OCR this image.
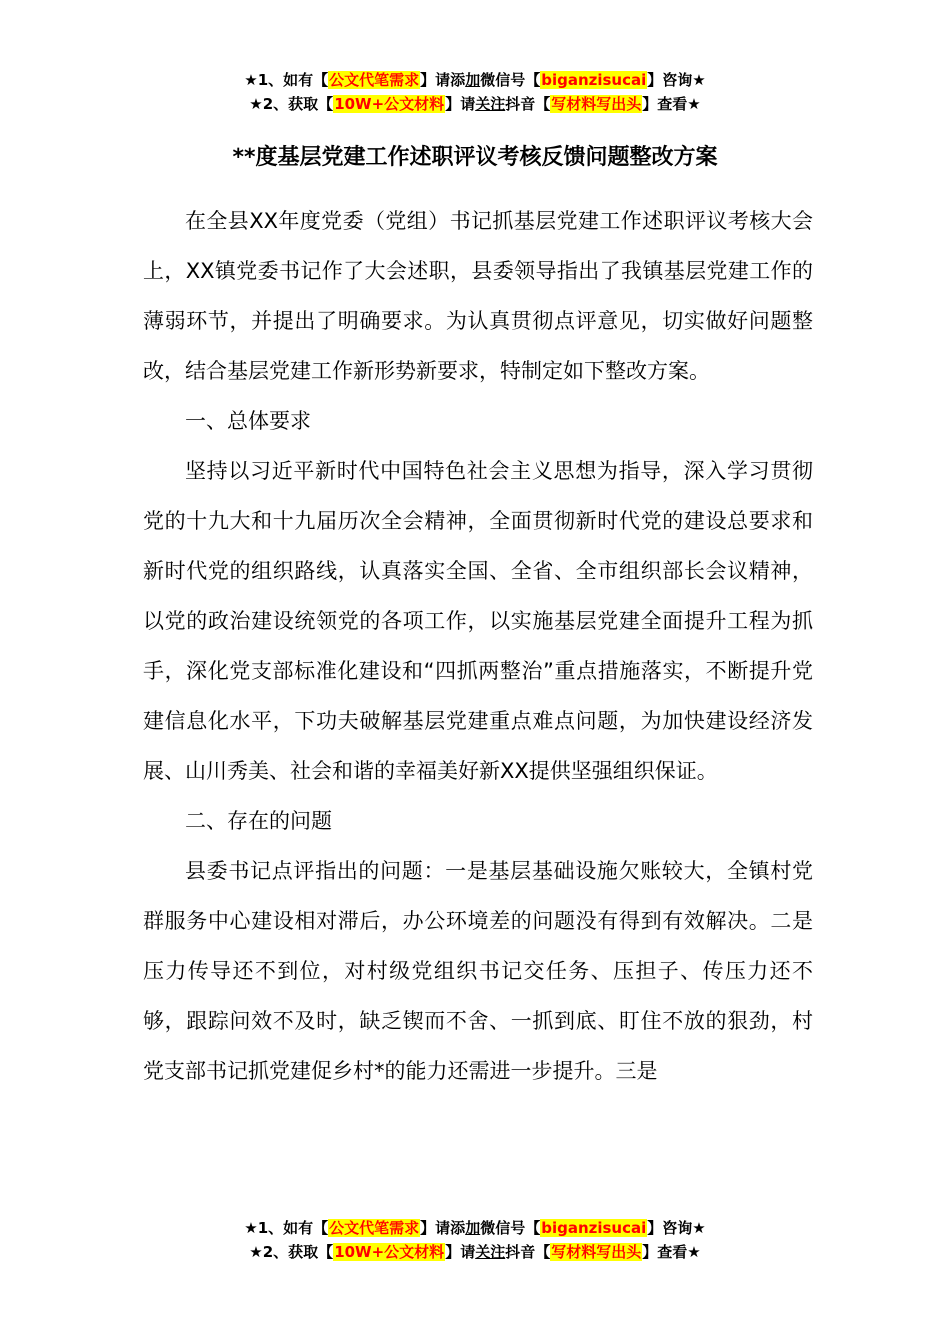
★1、如有【公文代笔需求】请添加微信号【biganzisucai】咨询★
★2、获取【10W+公文材料】请关注抖音【写材料写出头】查看★
**度基层党建工作述职评议考核反馈问题整改方案

在全县XX年度党委（党组）书记抓基层党建工作述职评议考核大会上，XX镇党委书记作了大会述职，县委领导指出了我镇基层党建工作的薄弱环节，并提出了明确要求。为认真贯彻点评意见，切实做好问题整改，结合基层党建工作新形势新要求，特制定如下整改方案。

一、总体要求

坚持以习近平新时代中国特色社会主义思想为指导，深入学习贯彻党的十九大和十九届历次全会精神，全面贯彻新时代党的建设总要求和新时代党的组织路线，认真落实全国、全省、全市组织部长会议精神，以党的政治建设统领党的各项工作，以实施基层党建全面提升工程为抓手，深化党支部标准化建设和“四抓两整治”重点措施落实，不断提升党建信息化水平，下功夫破解基层党建重点难点问题，为加快建设经济发展、山川秀美、社会和谐的幸福美好新XX提供坚强组织保证。

二、存在的问题

县委书记点评指出的问题：一是基层基础设施欠账较大，全镇村党群服务中心建设相对滞后，办公环境差的问题没有得到有效解决。二是压力传导还不到位，对村级党组织书记交任务、压担子、传压力还不够，跟踪问效不及时，缺乏锲而不舍、一抓到底、盯住不放的狠劲，村党支部书记抓党建促乡村*的能力还需进一步提升。三是

★1、如有【公文代笔需求】请添加微信号【biganzisucai】咨询★
★2、获取【10W+公文材料】请关注抖音【写材料写出头】查看★
